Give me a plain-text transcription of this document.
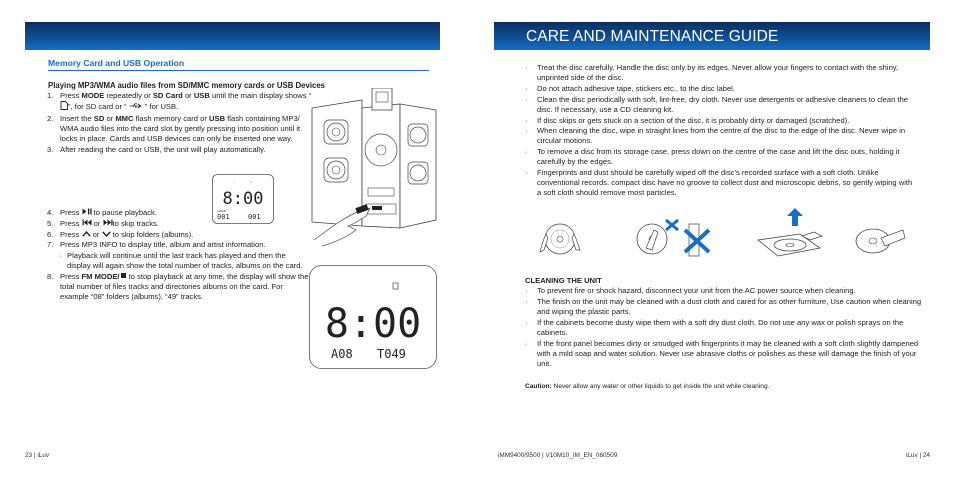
CARE AND MAINTENANCE GUIDE
Memory Card and USB Operation
Playing MP3/WMA audio files from SD/MMC memory cards or USB Devices
1. Press MODE repeatedly or SD Card or USB until the main display shows “ ”, for SD card or “  ” for USB.
2. Insert the SD or MMC flash memory card or USB flash containing MP3/ WMA audio files into the card slot by gently pressing into position until it locks in place. Cards and USB devices can only be inserted one way.
3. After reading the card or USB, the unit will play automatically.
4. Press  to pause playback.
5. Press  or to skip tracks.
6. Press  or  to skip folders (albums).
7. Press MP3 INFO to display title, album and artist information.
· Playback will continue until the last track has played and then the display will again show the total number of tracks, albums on the card.
8. Press FM MODE/ to stop playback at any time, the display will show the total number of files tracks and directories albums on the card. For example “08” folders (albums), “49” tracks.
▪	□
8:00
ALBUM
001	001
8:00
A08 T049
· Treat the disc carefully. Handle the disc only by its edges. Never allow your fingers to contact with the shiny, unprinted side of the disc.
· Do not attach adhesive tape, stickers etc., to the disc label.
· Clean the disc periodically with soft, lint-free, dry cloth. Never use detergents or adhesive cleaners to clean the disc. If necessary, use a CD cleaning kit.
· If disc skips or gets stuck on a section of the disc, it is probably dirty or damaged (scratched).
· When cleaning the disc, wipe in straight lines from the centre of the disc to the edge of the disc. Never wipe in circular motions.
· To remove a disc from its storage case, press down on the centre of the case and lift the disc outs, holding it carefully by the edges.
· Fingerprints and dust should be carefully wiped off the disc’s recorded surface with a soft cloth. Unlike conventional records. compact disc have no groove to collect dust and microscopic debris, so gently wiping with a soft cloth should remove most particles.
CLEANING THE UNIT
· To prevent fire or shock hazard, disconnect your unit from the AC power source when cleaning.
· The finish on the unit may be cleaned with a dust cloth and cared for as other furniture, Use caution when cleaning and wiping the plastic parts.
· If the cabinets become dusty wipe them with a soft dry dust cloth. Do not use any wax or polish sprays on the cabinets.
· If the front panel becomes dirty or smudged with fingerprints it may be cleaned with a soft cloth slightly dampened with a mild soap and water solution. Never use abrasive cloths or polishes as these will damage the finish of your unit.
Caution: Never allow any water or other liquids to get inside the unit while cleaning.
23 | iLuv	iMM9400/9500 | V10M10_IM_EN_060509	iLuv | 24
